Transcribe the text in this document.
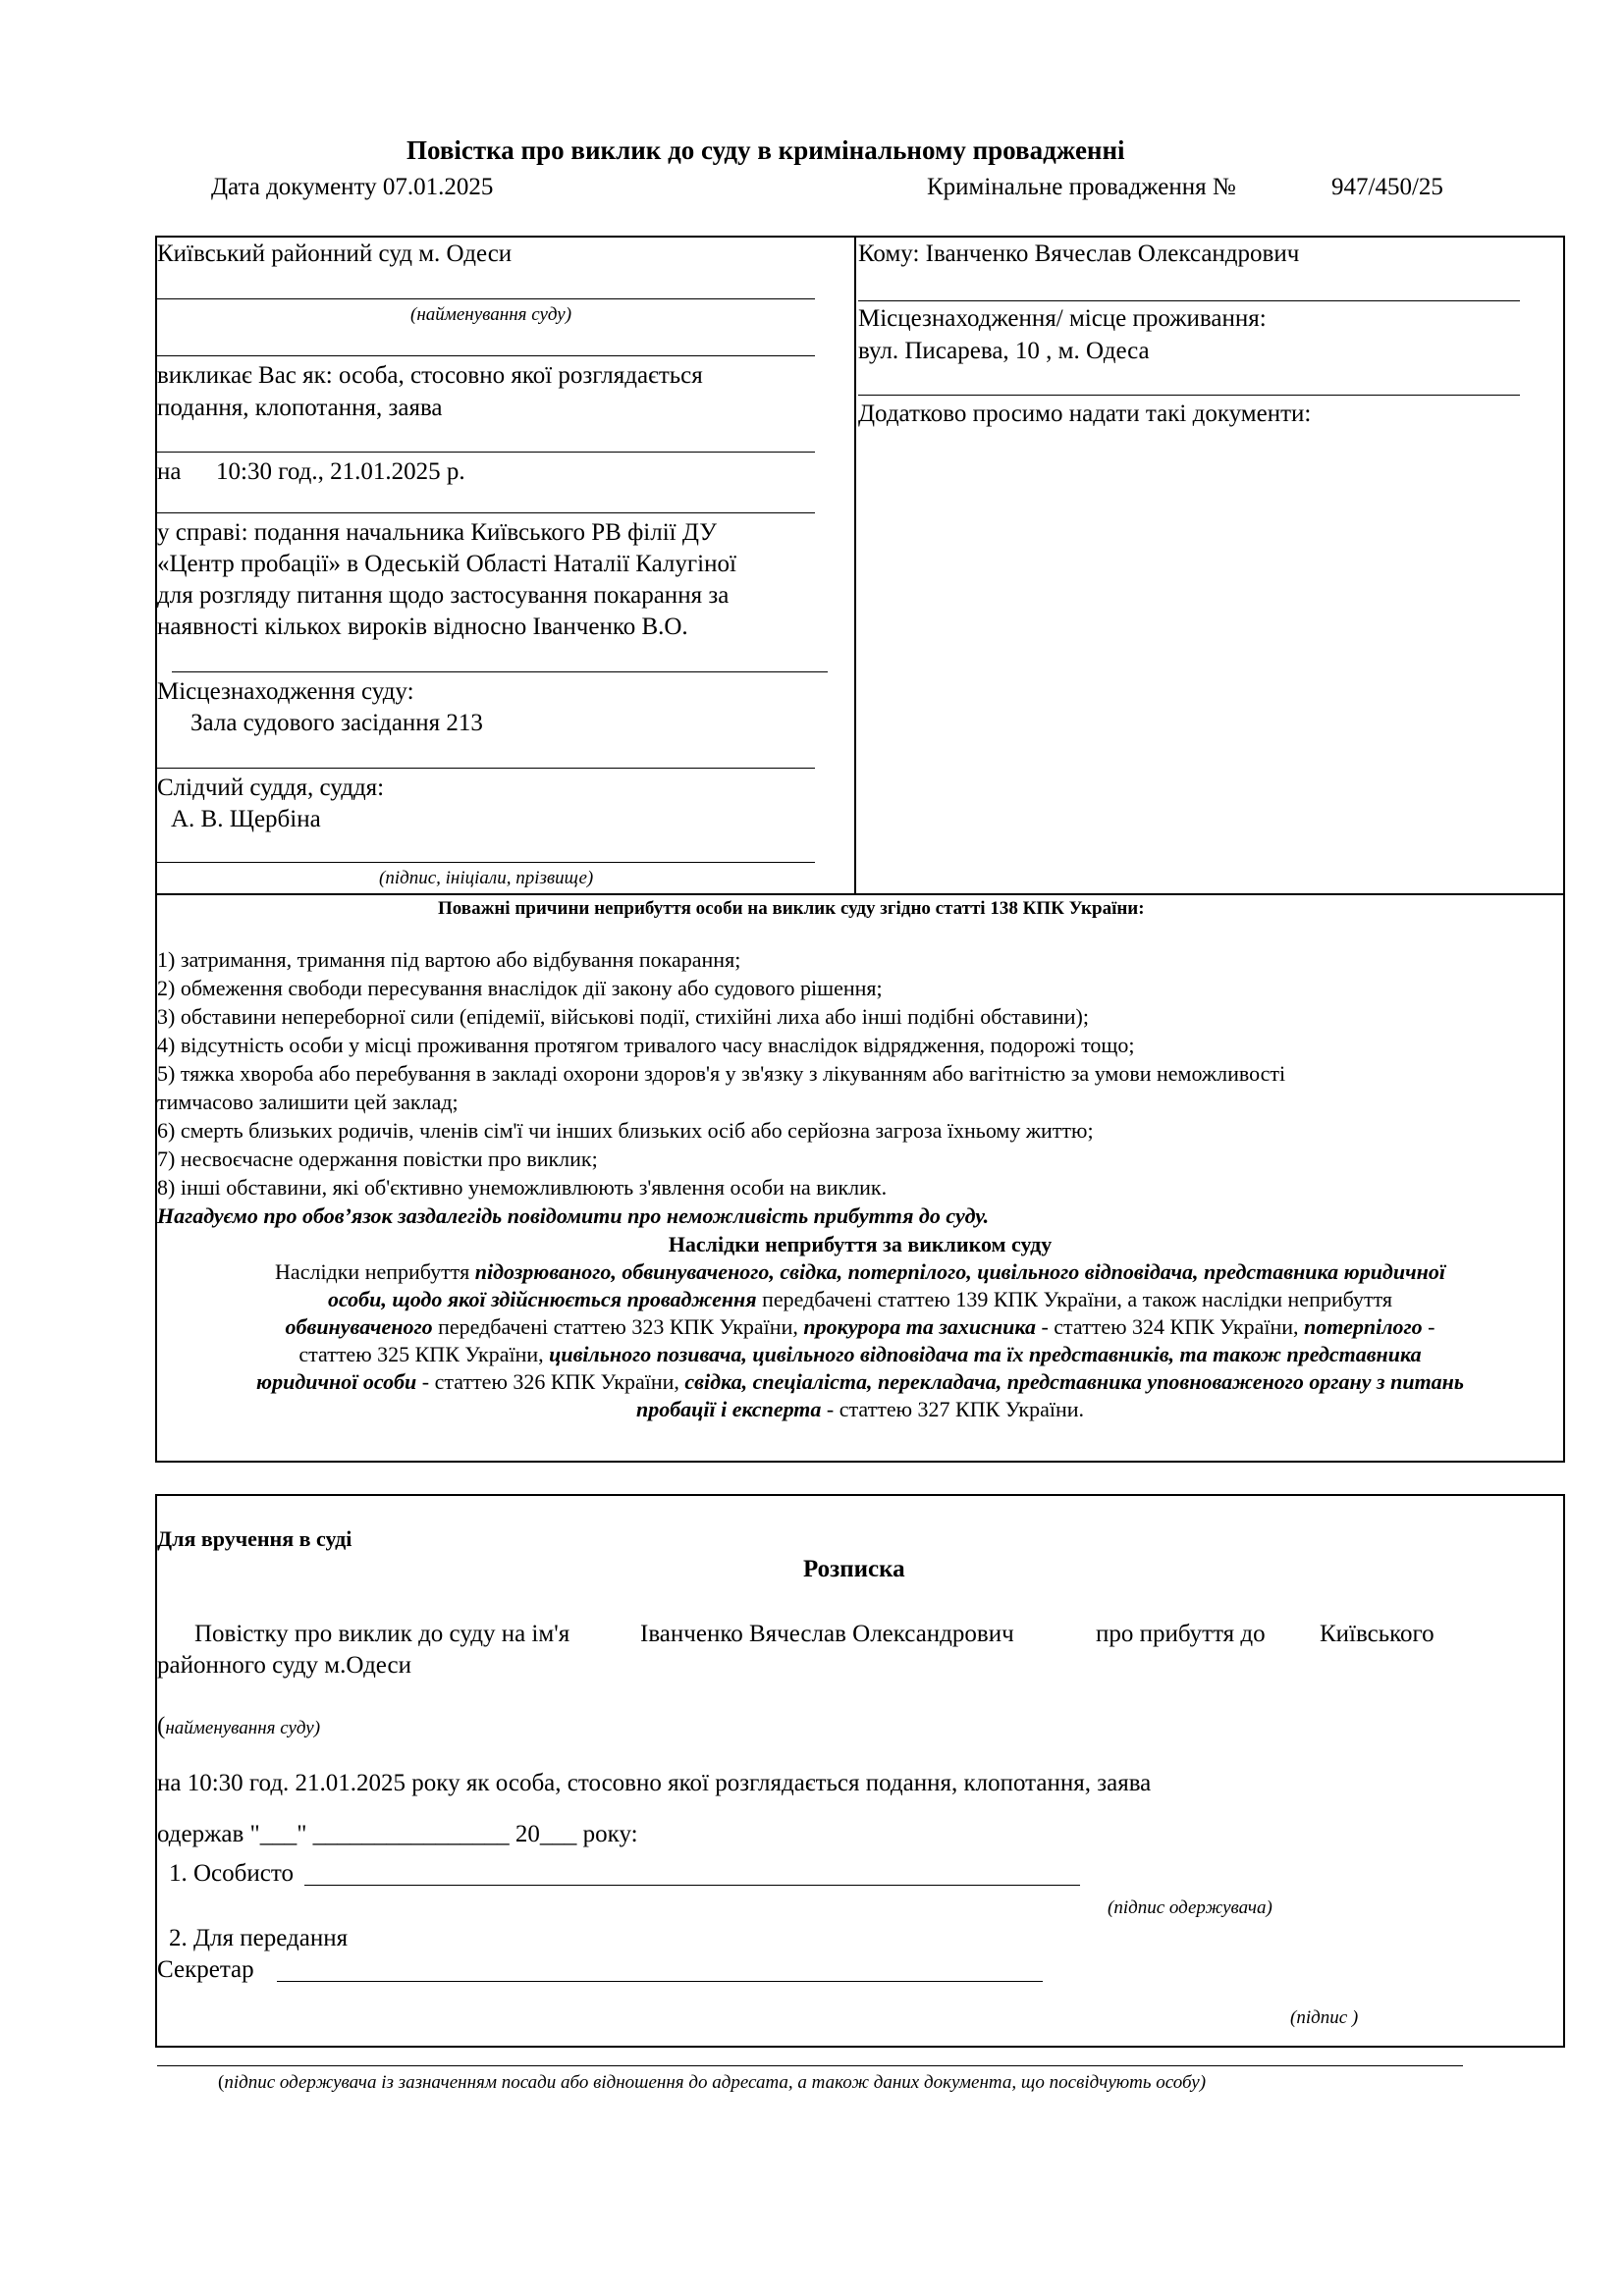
Повістка про виклик до суду в кримінальному провадженні
Дата документу 07.01.2025	Кримінальне провадження №	947/450/25
Київський районний суд м. Одеси
(найменування суду)
викликає Вас як: особа, стосовно якої розглядається
подання, клопотання, заява
на 10:30 год., 21.01.2025 р.
у справі: подання начальника Київського РВ філії ДУ
«Центр пробації» в Одеській Області Наталії Калугіної
для розгляду питання щодо застосування покарання за
наявності кількох вироків відносно Іванченко В.О.
Місцезнаходження суду:
Зала судового засідання 213
Слідчий суддя, суддя:
А. В. Щербіна
(підпис, ініціали, прізвище)
Кому: Іванченко Вячеслав Олександрович
Місцезнаходження/ місце проживання:
вул. Писарева, 10 , м. Одеса
Додатково просимо надати такі документи:
Поважні причини неприбуття особи на виклик суду згідно статті 138 КПК України:
1) затримання, тримання під вартою або відбування покарання;
2) обмеження свободи пересування внаслідок дії закону або судового рішення;
3) обставини непереборної сили (епідемії, військові події, стихійні лиха або інші подібні обставини);
4) відсутність особи у місці проживання протягом тривалого часу внаслідок відрядження, подорожі тощо;
5) тяжка хвороба або перебування в закладі охорони здоров'я у зв'язку з лікуванням або вагітністю за умови неможливості
тимчасово залишити цей заклад;
6) смерть близьких родичів, членів сім'ї чи інших близьких осіб або серйозна загроза їхньому життю;
7) несвоєчасне одержання повістки про виклик;
8) інші обставини, які об'єктивно унеможливлюють з'явлення особи на виклик.
Нагадуємо про обов’язок заздалегідь повідомити про неможливість прибуття до суду.
Наслідки неприбуття за викликом суду
Наслідки неприбуття підозрюваного, обвинуваченого, свідка, потерпілого, цивільного відповідача, представника юридичної
особи, щодо якої здійснюється провадження передбачені статтею 139 КПК України, а також наслідки неприбуття
обвинуваченого передбачені статтею 323 КПК України, прокурора та захисника - статтею 324 КПК України, потерпілого -
статтею 325 КПК України, цивільного позивача, цивільного відповідача та їх представників, та також представника
юридичної особи - статтею 326 КПК України, свідка, спеціаліста, перекладача, представника уповноваженого органу з питань
пробації і експерта - статтею 327 КПК України.
Для вручення в суді
Розписка
Повістку про виклик до суду на ім'я	Іванченко Вячеслав Олександрович	про прибуття до Київського
районного суду м.Одеси
(найменування суду)
на 10:30 год. 21.01.2025 року як особа, стосовно якої розглядається подання, клопотання, заява
одержав "___" ________________ 20___ року:
1. Особисто
(підпис одержувача)
2. Для передання
Секретар
(підпис )
(підпис одержувача із зазначенням посади або відношення до адресата, а також даних документа, що посвідчують особу)
